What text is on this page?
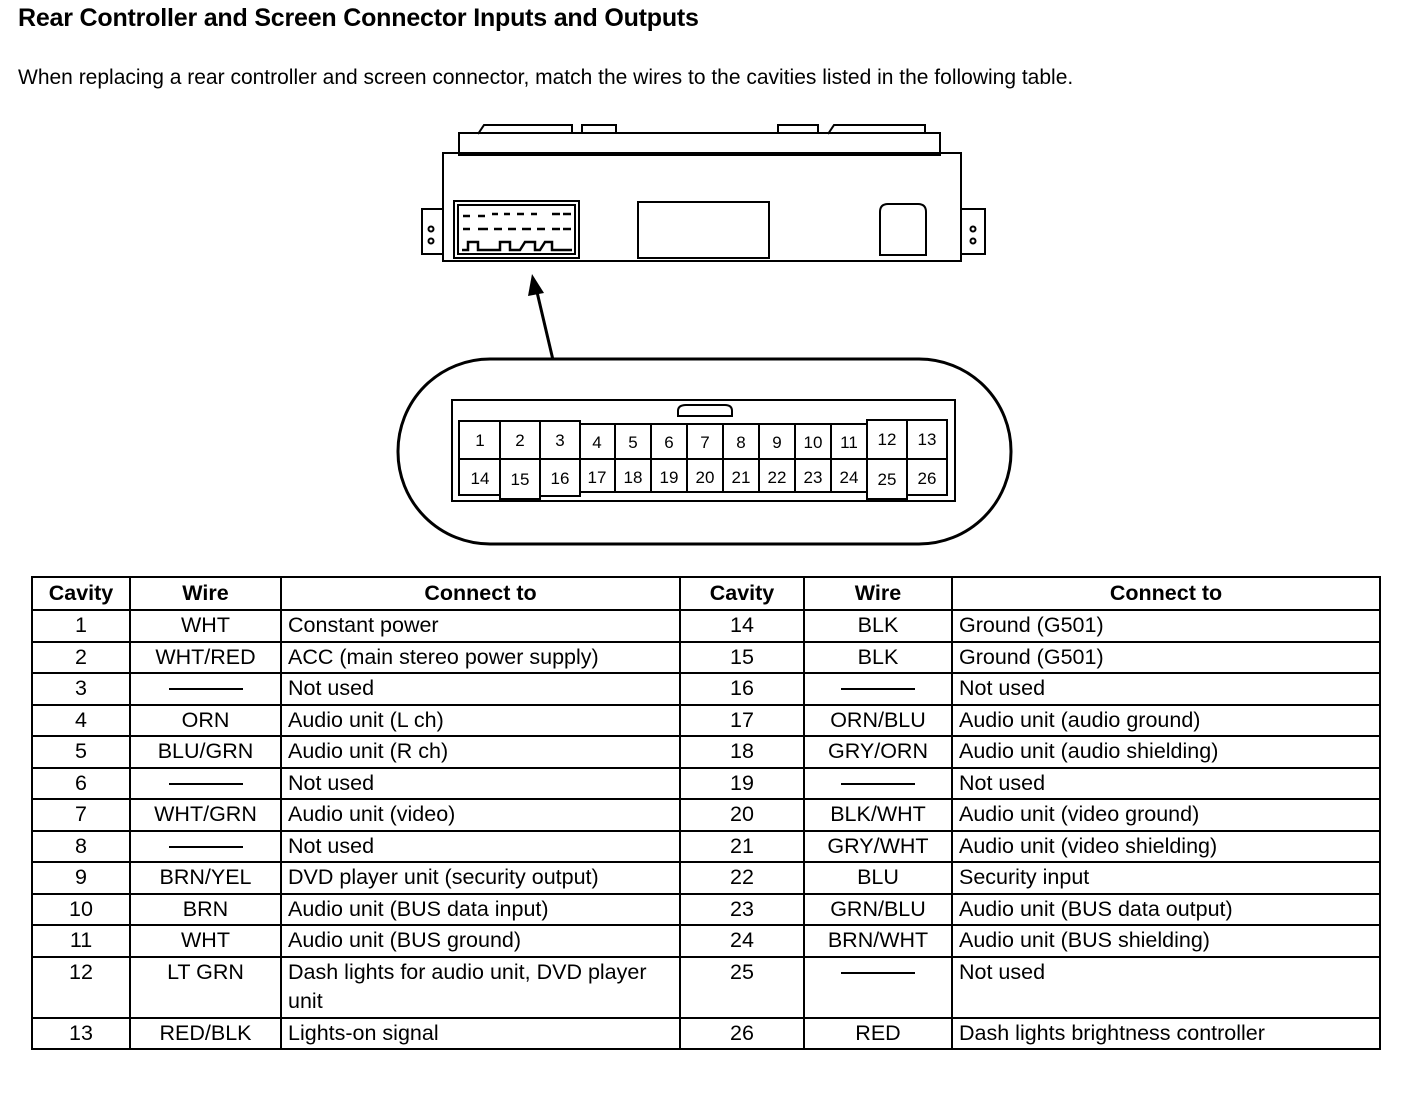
Rear Controller and Screen Connector Inputs and Outputs
When replacing a rear controller and screen connector, match the wires to the cavities listed in the following table.
1 2 3 4 5 6 7 8 9 10 11 12 13
14 15 16 17 18 19 20 21 22 23 24 25 26
Cavity	Wire	Connect to	Cavity	Wire	Connect to
1	WHT	Constant power	14	BLK	Ground (G501)
2	WHT/RED	ACC (main stereo power supply)	15	BLK	Ground (G501)
3		Not used	16		Not used
4	ORN	Audio unit (L ch)	17	ORN/BLU	Audio unit (audio ground)
5	BLU/GRN	Audio unit (R ch)	18	GRY/ORN	Audio unit (audio shielding)
6		Not used	19		Not used
7	WHT/GRN	Audio unit (video)	20	BLK/WHT	Audio unit (video ground)
8		Not used	21	GRY/WHT	Audio unit (video shielding)
9	BRN/YEL	DVD player unit (security output)	22	BLU	Security input
10	BRN	Audio unit (BUS data input)	23	GRN/BLU	Audio unit (BUS data output)
11	WHT	Audio unit (BUS ground)	24	BRN/WHT	Audio unit (BUS shielding)
12	LT GRN	Dash lights for audio unit, DVD player unit	25		Not used
13	RED/BLK	Lights-on signal	26	RED	Dash lights brightness controller
